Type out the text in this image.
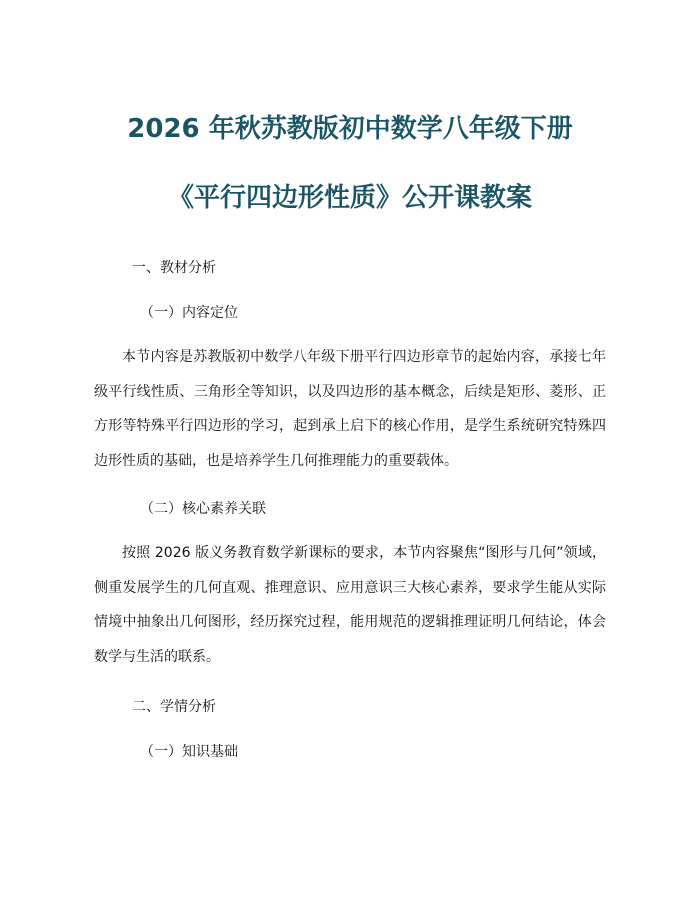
2026 年秋苏教版初中数学八年级下册
《平行四边形性质》公开课教案
一、教材分析
（一）内容定位

本节内容是苏教版初中数学八年级下册平行四边形章节的起始内容，承接七年级平行线性质、三角形全等知识，以及四边形的基本概念，后续是矩形、菱形、正方形等特殊平行四边形的学习，起到承上启下的核心作用，是学生系统研究特殊四边形性质的基础，也是培养学生几何推理能力的重要载体。

（二）核心素养关联

按照 2026 版义务教育数学新课标的要求，本节内容聚焦“图形与几何”领域，侧重发展学生的几何直观、推理意识、应用意识三大核心素养，要求学生能从实际情境中抽象出几何图形，经历探究过程，能用规范的逻辑推理证明几何结论，体会数学与生活的联系。

二、学情分析
（一）知识基础
